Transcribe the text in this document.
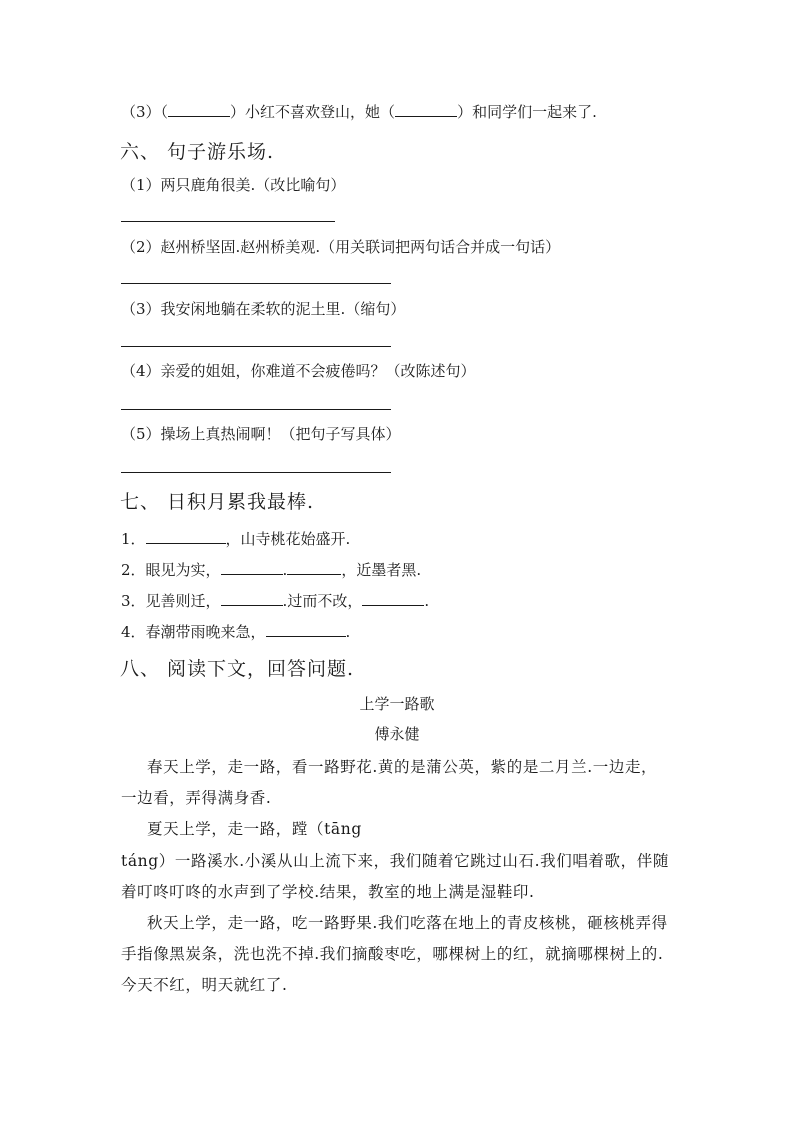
（3）（	）小红不喜欢登山，她（	）和同学们一起来了.
六、 句子游乐场.
（1）两只鹿角很美.（改比喻句）
（2）赵州桥坚固.赵州桥美观.（用关联词把两句话合并成一句话）
（3）我安闲地躺在柔软的泥土里.（缩句）
（4）亲爱的姐姐，你难道不会疲倦吗？（改陈述句）
（5）操场上真热闹啊！（把句子写具体）
七、 日积月累我最棒.
1．	，山寺桃花始盛开.
2．眼见为实，	.	，近墨者黑.
3．见善则迁，	.过而不改，	.
4．春潮带雨晚来急，	.
八、 阅读下文，回答问题.
上学一路歌
傅永健
春天上学，走一路，看一路野花.黄的是蒲公英，紫的是二月兰.一边走，
一边看，弄得满身香.
夏天上学，走一路，蹚（tāng
táng）一路溪水.小溪从山上流下来，我们随着它跳过山石.我们唱着歌，伴随
着叮咚叮咚的水声到了学校.结果，教室的地上满是湿鞋印.
秋天上学，走一路，吃一路野果.我们吃落在地上的青皮核桃，砸核桃弄得
手指像黑炭条，洗也洗不掉.我们摘酸枣吃，哪棵树上的红，就摘哪棵树上的.
今天不红，明天就红了.
